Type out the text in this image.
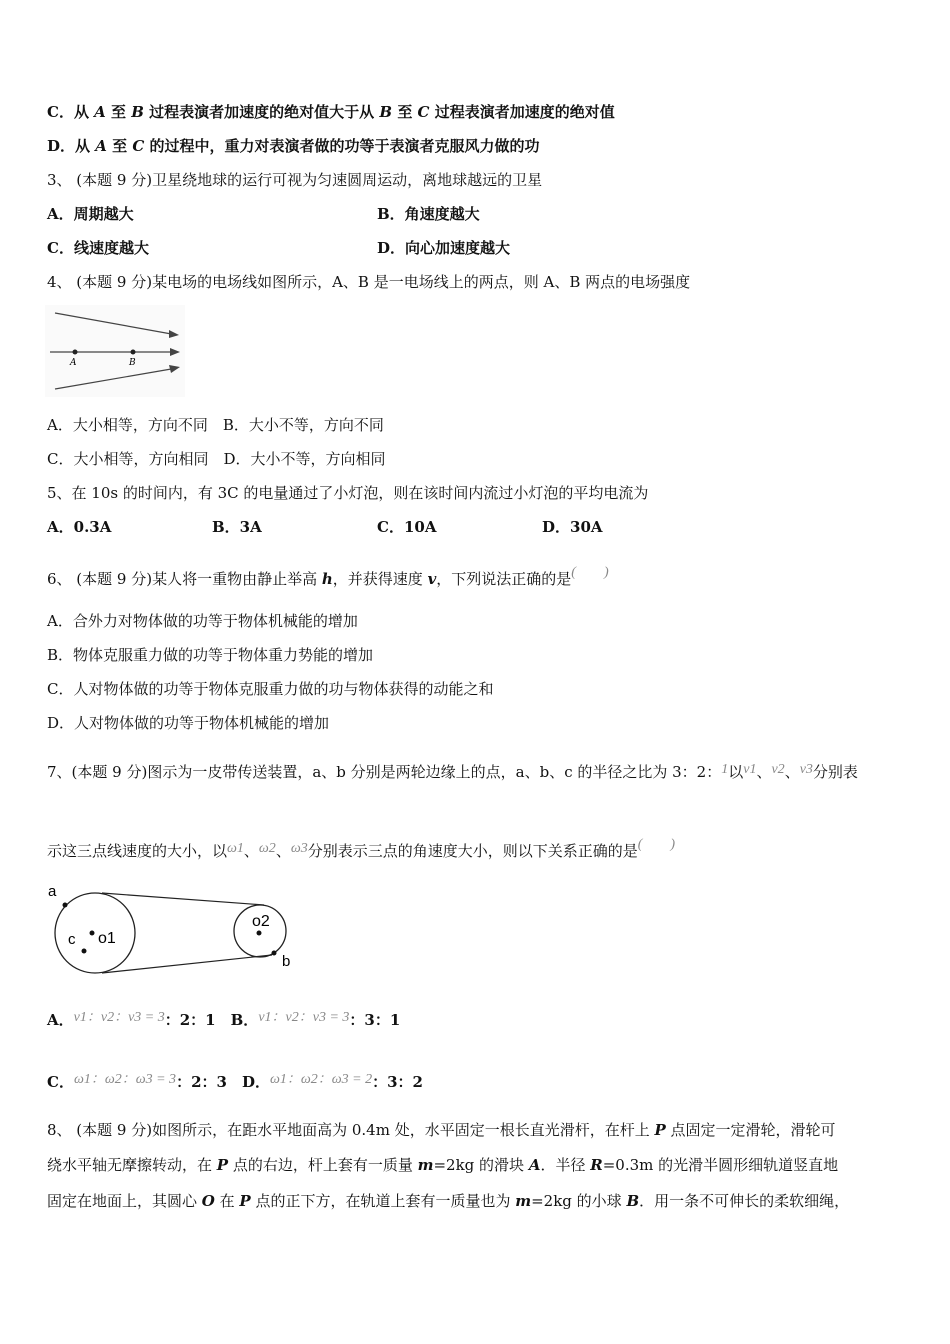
C．从 A 至 B 过程表演者加速度的绝对值大于从 B 至 C 过程表演者加速度的绝对值
D．从 A 至 C 的过程中，重力对表演者做的功等于表演者克服风力做的功
3、 (本题 9 分)卫星绕地球的运行可视为匀速圆周运动，离地球越远的卫星
A．周期越大	B．角速度越大
C．线速度越大	D．向心加速度越大
4、 (本题 9 分)某电场的电场线如图所示，A、B 是一电场线上的两点，则 A、B 两点的电场强度
A	B
A．大小相等，方向不同　B．大小不等，方向不同
C．大小相等，方向相同　D．大小不等，方向相同
5、在 10s 的时间内，有 3C 的电量通过了小灯泡，则在该时间内流过小灯泡的平均电流为
A．0.3A	B．3A	C．10A	D．30A
6、 (本题 9 分)某人将一重物由静止举高 h，并获得速度 v，下列说法正确的是(　　)
A．合外力对物体做的功等于物体机械能的增加
B．物体克服重力做的功等于物体重力势能的增加
C．人对物体做的功等于物体克服重力做的功与物体获得的动能之和
D．人对物体做的功等于物体机械能的增加
7、(本题 9 分)图示为一皮带传送装置，a、b 分别是两轮边缘上的点，a、b、c 的半径之比为 3：2：1以v1、v2、v3分别表
示这三点线速度的大小，以ω1、ω2、ω3分别表示三点的角速度大小，则以下关系正确的是(　　)
a
c o1
o2
b
A．v1：v2：v3 = 3：2：1　 B．v1：v2：v3 = 3：3：1
C．ω1：ω2：ω3 = 3：2：3　 D．ω1：ω2：ω3 = 2：3：2
8、 (本题 9 分)如图所示，在距水平地面高为 0.4m 处，水平固定一根长直光滑杆，在杆上 P 点固定一定滑轮，滑轮可
绕水平轴无摩擦转动，在 P 点的右边，杆上套有一质量 m=2kg 的滑块 A．半径 R=0.3m 的光滑半圆形细轨道竖直地
固定在地面上，其圆心 O 在 P 点的正下方，在轨道上套有一质量也为 m=2kg 的小球 B．用一条不可伸长的柔软细绳，
